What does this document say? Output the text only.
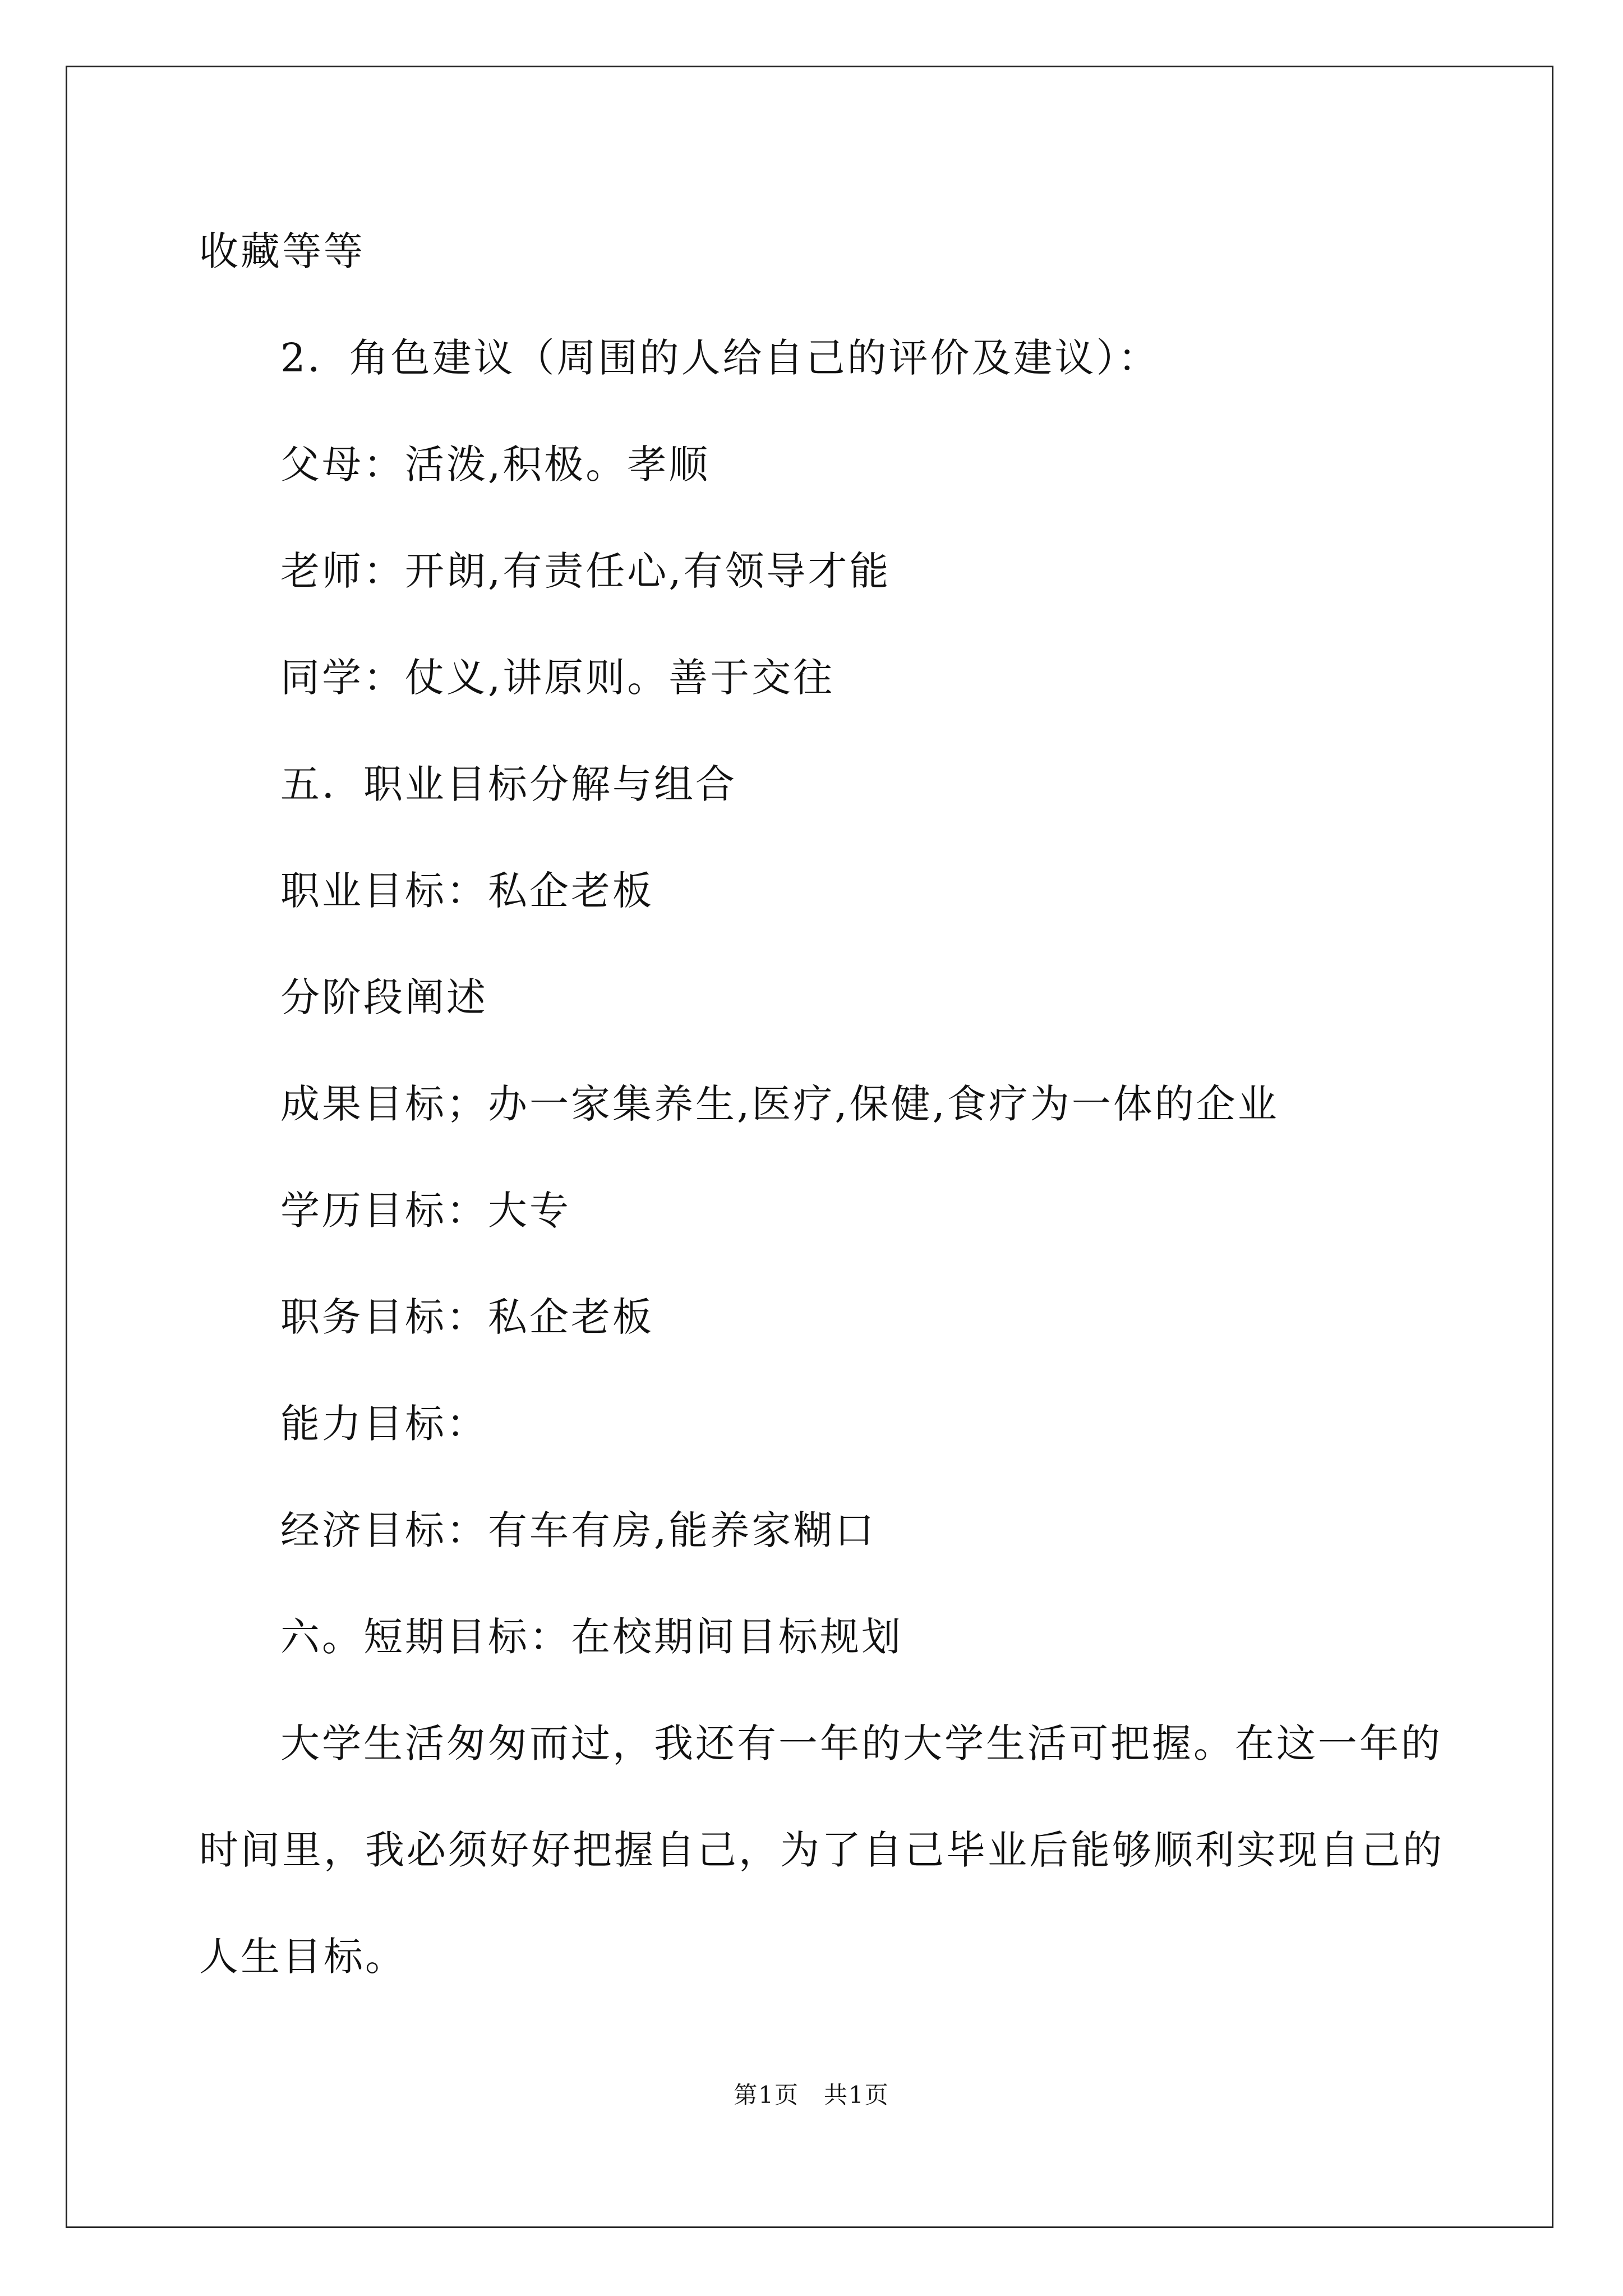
收藏等等
2．角色建议（周围的人给自己的评价及建议）：
父母：活泼,积极。孝顺
老师：开朗,有责任心,有领导才能
同学：仗义,讲原则。善于交往
五．职业目标分解与组合
职业目标：私企老板
分阶段阐述
成果目标；办一家集养生,医疗,保健,食疗为一体的企业
学历目标：大专
职务目标：私企老板
能力目标：
经济目标：有车有房,能养家糊口
六。短期目标：在校期间目标规划
大学生活匆匆而过，我还有一年的大学生活可把握。在这一年的
时间里，我必须好好把握自己，为了自己毕业后能够顺利实现自己的
人生目标。
第1页　共1页
